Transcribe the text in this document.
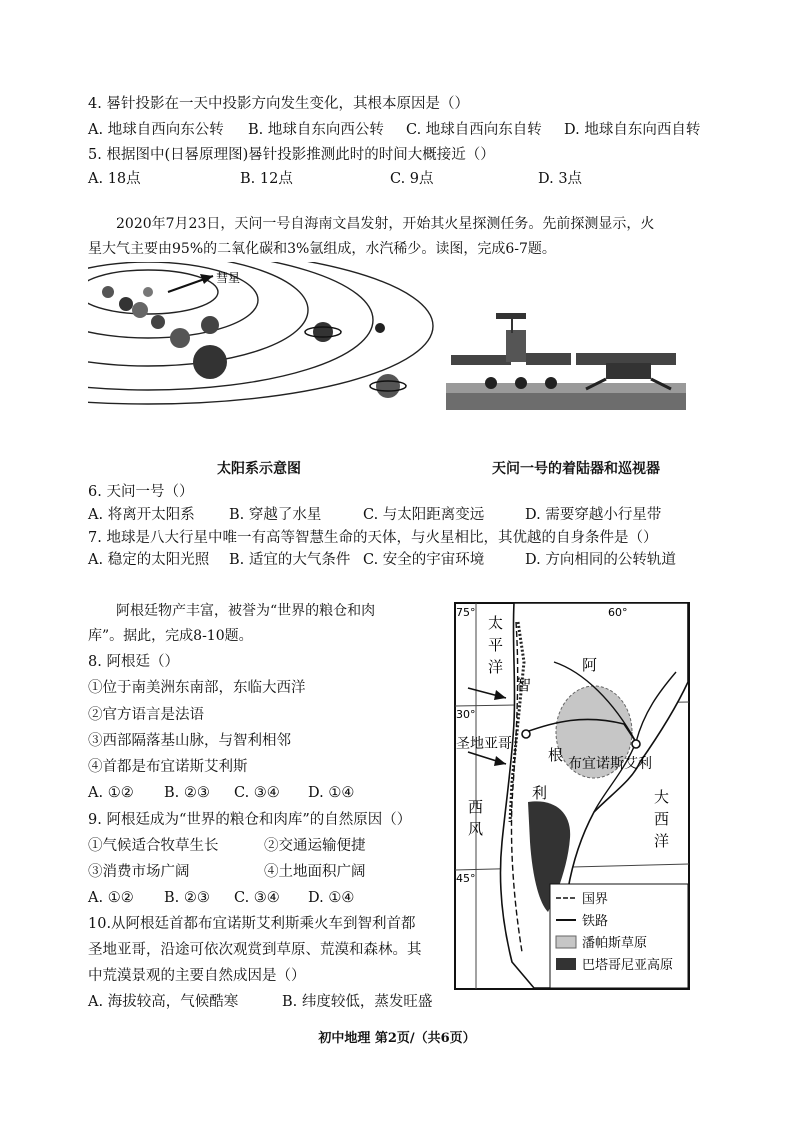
4. 晷针投影在一天中投影方向发生变化，其根本原因是（）
A. 地球自西向东公转 B. 地球自东向西公转 C. 地球自西向东自转 D. 地球自东向西自转
5. 根据图中(日晷原理图)晷针投影推测此时的时间大概接近（）
A. 18点	B. 12点	C. 9点	D. 3点
2020年7月23日，天问一号自海南文昌发射，开始其火星探测任务。先前探测显示，火
星大气主要由95%的二氧化碳和3%氩组成，水汽稀少。读图，完成6-7题。
彗星
太阳系示意图	天问一号的着陆器和巡视器
6. 天问一号（）
A. 将离开太阳系 B. 穿越了水星	C. 与太阳距离变远	D. 需要穿越小行星带
7. 地球是八大行星中唯一有高等智慧生命的天体，与火星相比，其优越的自身条件是（）
A. 稳定的太阳光照 B. 适宜的大气条件 C. 安全的宇宙环境	D. 方向相同的公转轨道
阿根廷物产丰富，被誉为“世界的粮仓和肉
库”。据此，完成8-10题。
8. 阿根廷（）
①位于南美洲东南部，东临大西洋
②官方语言是法语
③西部隔落基山脉，与智利相邻
④首都是布宜诺斯艾利斯
A. ①② B. ②③ C. ③④ D. ①④
9. 阿根廷成为“世界的粮仓和肉库”的自然原因（）
①气候适合牧草生长	②交通运输便捷
③消费市场广阔	④土地面积广阔
A. ①② B. ②③ C. ③④ D. ①④
10.从阿根廷首都布宜诺斯艾利斯乘火车到智利首都
圣地亚哥，沿途可依次观赏到草原、荒漠和森林。其
中荒漠景观的主要自然成因是（）
A. 海拔较高，气候酷寒	B. 纬度较低，蒸发旺盛
75°	60°
30°
45°
太
平
洋
智
利
阿
根
圣地亚哥
布宜诺斯艾利
大
西
洋
西
风
国界
铁路
潘帕斯草原
巴塔哥尼亚高原
初中地理 第2页/（共6页）
